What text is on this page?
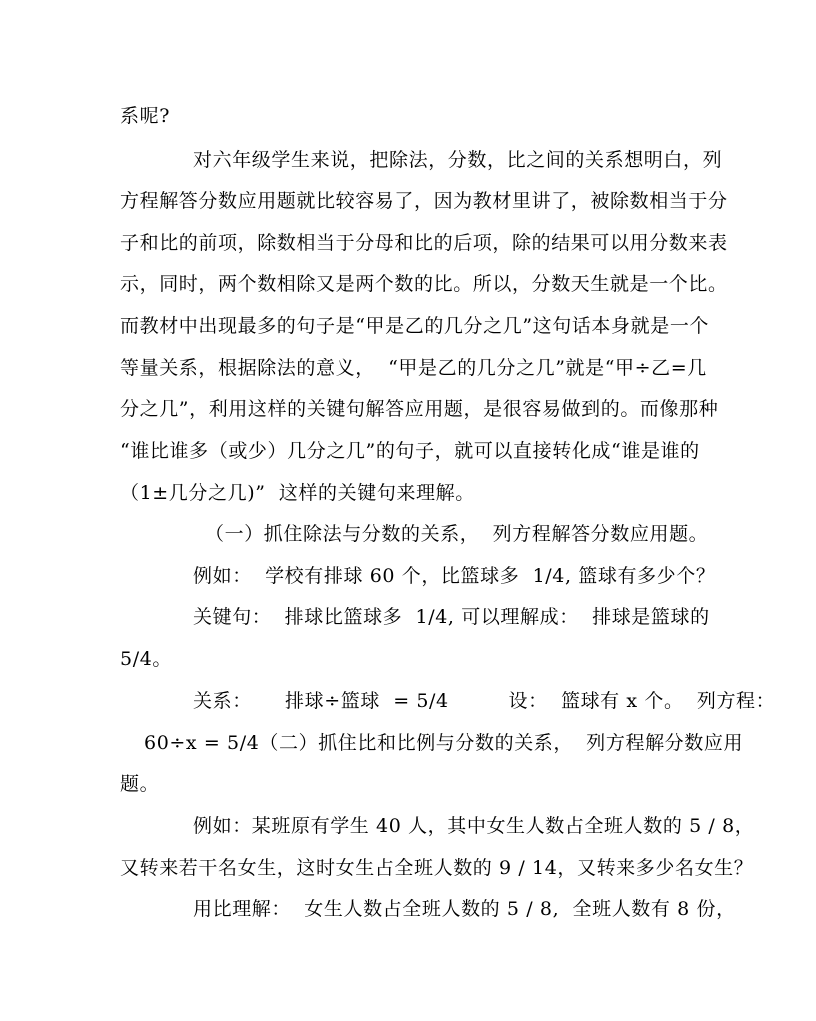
系呢?
对六年级学生来说，把除法，分数，比之间的关系想明白，列
方程解答分数应用题就比较容易了，因为教材里讲了，被除数相当于分
子和比的前项，除数相当于分母和比的后项，除的结果可以用分数来表
示，同时，两个数相除又是两个数的比。所以，分数天生就是一个比。
而教材中出现最多的句子是“甲是乙的几分之几”这句话本身就是一个
等量关系，根据除法的意义，  “甲是乙的几分之几”就是“甲÷乙=几
分之几”，利用这样的关键句解答应用题，是很容易做到的。而像那种
“谁比谁多（或少）几分之几”的句子，就可以直接转化成“谁是谁的
（1±几分之几)”  这样的关键句来理解。
（一）抓住除法与分数的关系，  列方程解答分数应用题。
例如：  学校有排球 60 个，比篮球多  1/4, 篮球有多少个？
关键句：  排球比篮球多  1/4, 可以理解成：  排球是篮球的
5/4。
关系：     排球÷篮球  = 5/4         设：  篮球有 x 个。  列方程：
60÷x = 5/4（二）抓住比和比例与分数的关系，  列方程解分数应用
题。
例如：某班原有学生 40 人，其中女生人数占全班人数的 5 / 8，
又转来若干名女生，这时女生占全班人数的 9 / 14，又转来多少名女生？
用比理解：  女生人数占全班人数的 5 / 8,  全班人数有 8 份，
